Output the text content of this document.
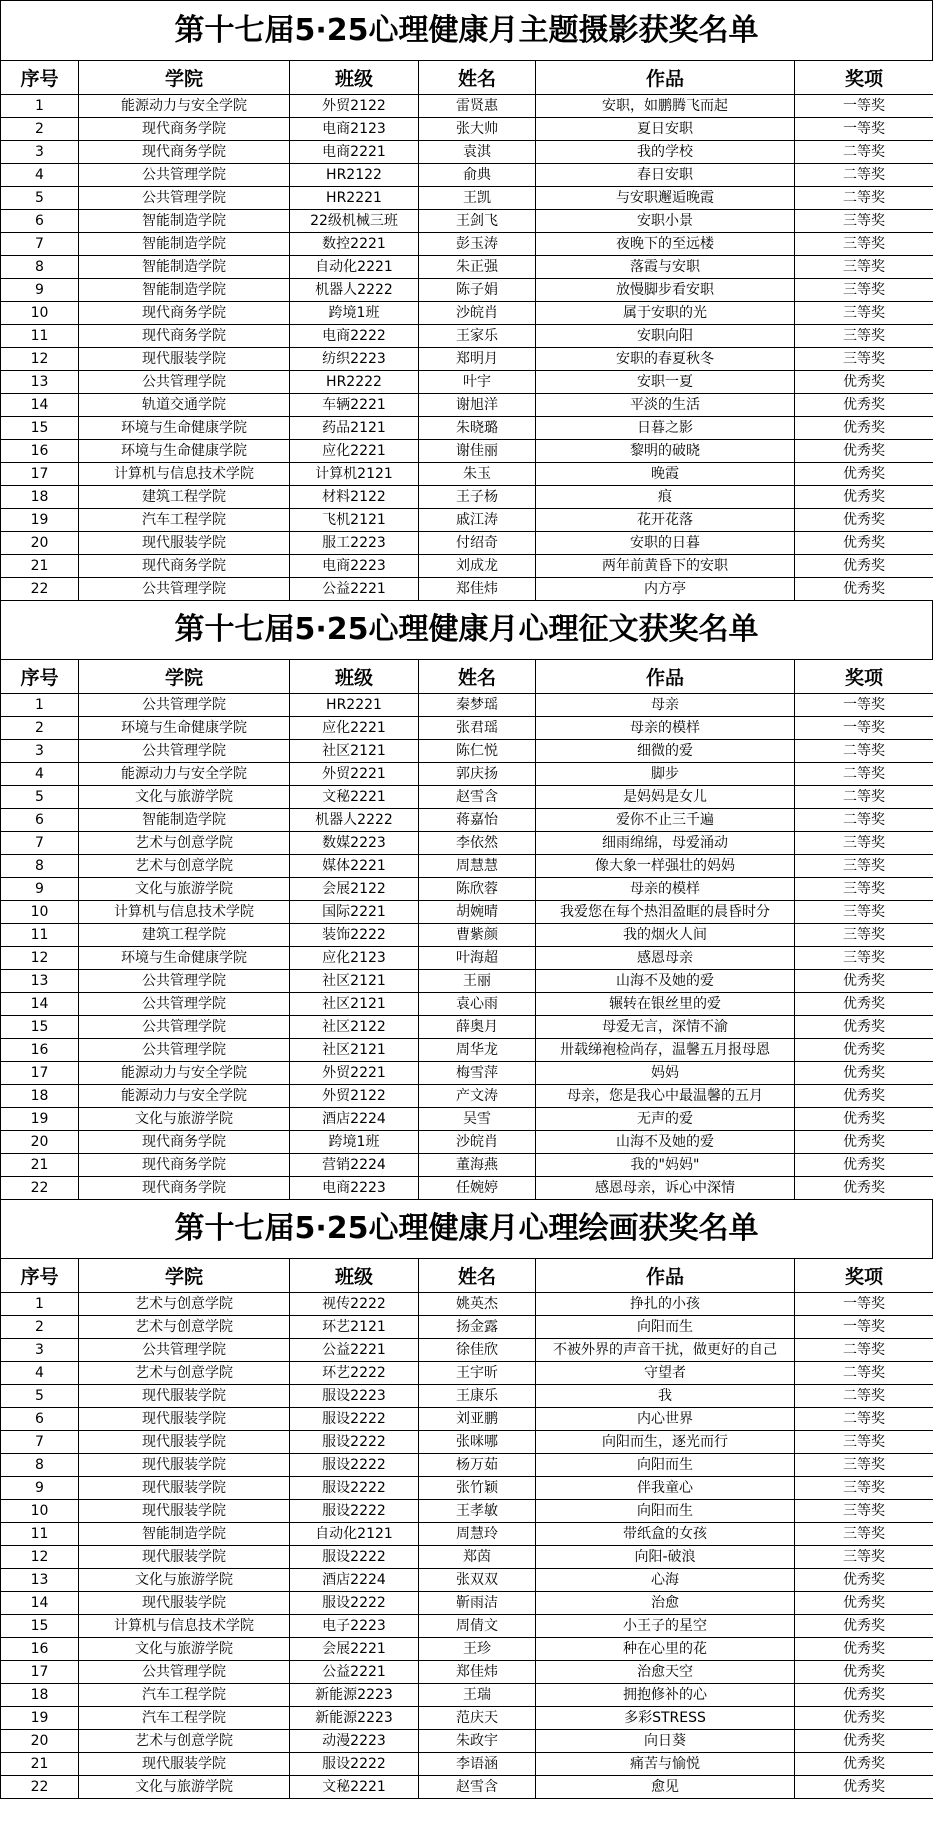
第十七届5·25心理健康月主题摄影获奖名单
序号	学院	班级	姓名	作品	奖项
1	能源动力与安全学院	外贸2122	雷贤惠	安职，如鹏腾飞而起	一等奖
2	现代商务学院	电商2123	张大帅	夏日安职	一等奖
3	现代商务学院	电商2221	袁淇	我的学校	二等奖
4	公共管理学院	HR2122	俞典	春日安职	二等奖
5	公共管理学院	HR2221	王凯	与安职邂逅晚霞	二等奖
6	智能制造学院	22级机械三班	王剑飞	安职小景	三等奖
7	智能制造学院	数控2221	彭玉涛	夜晚下的至远楼	三等奖
8	智能制造学院	自动化2221	朱正强	落霞与安职	三等奖
9	智能制造学院	机器人2222	陈子娟	放慢脚步看安职	三等奖
10	现代商务学院	跨境1班	沙皖肖	属于安职的光	三等奖
11	现代商务学院	电商2222	王家乐	安职向阳	三等奖
12	现代服装学院	纺织2223	郑明月	安职的春夏秋冬	三等奖
13	公共管理学院	HR2222	叶宇	安职一夏	优秀奖
14	轨道交通学院	车辆2221	谢旭洋	平淡的生活	优秀奖
15	环境与生命健康学院	药品2121	朱晓璐	日暮之影	优秀奖
16	环境与生命健康学院	应化2221	谢佳丽	黎明的破晓	优秀奖
17	计算机与信息技术学院	计算机2121	朱玉	晚霞	优秀奖
18	建筑工程学院	材料2122	王子杨	痕	优秀奖
19	汽车工程学院	飞机2121	戚江涛	花开花落	优秀奖
20	现代服装学院	服工2223	付绍奇	安职的日暮	优秀奖
21	现代商务学院	电商2223	刘成龙	两年前黄昏下的安职	优秀奖
22	公共管理学院	公益2221	郑佳炜	内方亭	优秀奖
第十七届5·25心理健康月心理征文获奖名单
序号	学院	班级	姓名	作品	奖项
1	公共管理学院	HR2221	秦梦瑶	母亲	一等奖
2	环境与生命健康学院	应化2221	张君瑶	母亲的模样	一等奖
3	公共管理学院	社区2121	陈仁悦	细微的爱	二等奖
4	能源动力与安全学院	外贸2221	郭庆扬	脚步	二等奖
5	文化与旅游学院	文秘2221	赵雪含	是妈妈是女儿	二等奖
6	智能制造学院	机器人2222	蒋嘉怡	爱你不止三千遍	二等奖
7	艺术与创意学院	数媒2223	李依然	细雨绵绵，母爱涌动	三等奖
8	艺术与创意学院	媒体2221	周慧慧	像大象一样强壮的妈妈	三等奖
9	文化与旅游学院	会展2122	陈欣蓉	母亲的模样	三等奖
10	计算机与信息技术学院	国际2221	胡婉晴	我爱您在每个热泪盈眶的晨昏时分	三等奖
11	建筑工程学院	装饰2222	曹紫颜	我的烟火人间	三等奖
12	环境与生命健康学院	应化2123	叶海超	感恩母亲	三等奖
13	公共管理学院	社区2121	王丽	山海不及她的爱	优秀奖
14	公共管理学院	社区2121	袁心雨	辗转在银丝里的爱	优秀奖
15	公共管理学院	社区2122	薛奥月	母爱无言，深情不渝	优秀奖
16	公共管理学院	社区2121	周华龙	卅载绨袍检尚存，温馨五月报母恩	优秀奖
17	能源动力与安全学院	外贸2221	梅雪萍	妈妈	优秀奖
18	能源动力与安全学院	外贸2122	产文涛	母亲，您是我心中最温馨的五月	优秀奖
19	文化与旅游学院	酒店2224	吴雪	无声的爱	优秀奖
20	现代商务学院	跨境1班	沙皖肖	山海不及她的爱	优秀奖
21	现代商务学院	营销2224	董海燕	我的"妈妈"	优秀奖
22	现代商务学院	电商2223	任婉婷	感恩母亲，诉心中深情	优秀奖
第十七届5·25心理健康月心理绘画获奖名单
序号	学院	班级	姓名	作品	奖项
1	艺术与创意学院	视传2222	姚英杰	挣扎的小孩	一等奖
2	艺术与创意学院	环艺2121	扬金露	向阳而生	一等奖
3	公共管理学院	公益2221	徐佳欣	不被外界的声音干扰，做更好的自己	二等奖
4	艺术与创意学院	环艺2222	王宇昕	守望者	二等奖
5	现代服装学院	服设2223	王康乐	我	二等奖
6	现代服装学院	服设2222	刘亚鹏	内心世界	二等奖
7	现代服装学院	服设2222	张咪哪	向阳而生，逐光而行	三等奖
8	现代服装学院	服设2222	杨万茹	向阳而生	三等奖
9	现代服装学院	服设2222	张竹颖	伴我童心	三等奖
10	现代服装学院	服设2222	王孝敏	向阳而生	三等奖
11	智能制造学院	自动化2121	周慧玲	带纸盒的女孩	三等奖
12	现代服装学院	服设2222	郑茵	向阳-破浪	三等奖
13	文化与旅游学院	酒店2224	张双双	心海	优秀奖
14	现代服装学院	服设2222	靳雨洁	治愈	优秀奖
15	计算机与信息技术学院	电子2223	周倩文	小王子的星空	优秀奖
16	文化与旅游学院	会展2221	王珍	种在心里的花	优秀奖
17	公共管理学院	公益2221	郑佳炜	治愈天空	优秀奖
18	汽车工程学院	新能源2223	王瑞	拥抱修补的心	优秀奖
19	汽车工程学院	新能源2223	范庆天	多彩STRESS	优秀奖
20	艺术与创意学院	动漫2223	朱政宇	向日葵	优秀奖
21	现代服装学院	服设2222	李语涵	痛苦与愉悦	优秀奖
22	文化与旅游学院	文秘2221	赵雪含	愈见	优秀奖
